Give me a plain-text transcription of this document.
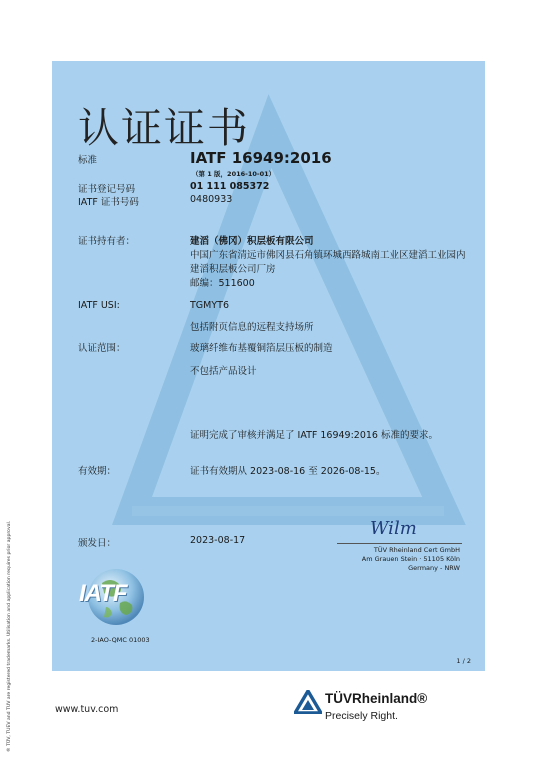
认证证书
标准	IATF 16949:2016
（第 1 版，2016-10-01）
证书登记号码	01 111 085372
IATF 证书号码	0480933
证书持有者：	建滔（佛冈）积层板有限公司
中国广东省清远市佛冈县石角镇环城西路城南工业区建滔工业园内
建滔积层板公司厂房
邮编：511600
IATF USI:	TGMYT6
包括附页信息的远程支持场所
认证范围：	玻璃纤维布基覆铜箔层压板的制造
不包括产品设计
证明完成了审核并满足了 IATF 16949:2016 标准的要求。
有效期：	证书有效期从 2023-08-16 至 2026-08-15。
颁发日：	2023-08-17
Wilm
TÜV Rheinland Cert GmbH
Am Grauen Stein · 51105 Köln
Germany - NRW
IATF
2-IAO-QMC 01003
1 / 2
® TÜV, TUEV and TUV are registered trademarks. Utilisation and application requires prior approval.	www.tuv.com
TÜVRheinland®
Precisely Right.
